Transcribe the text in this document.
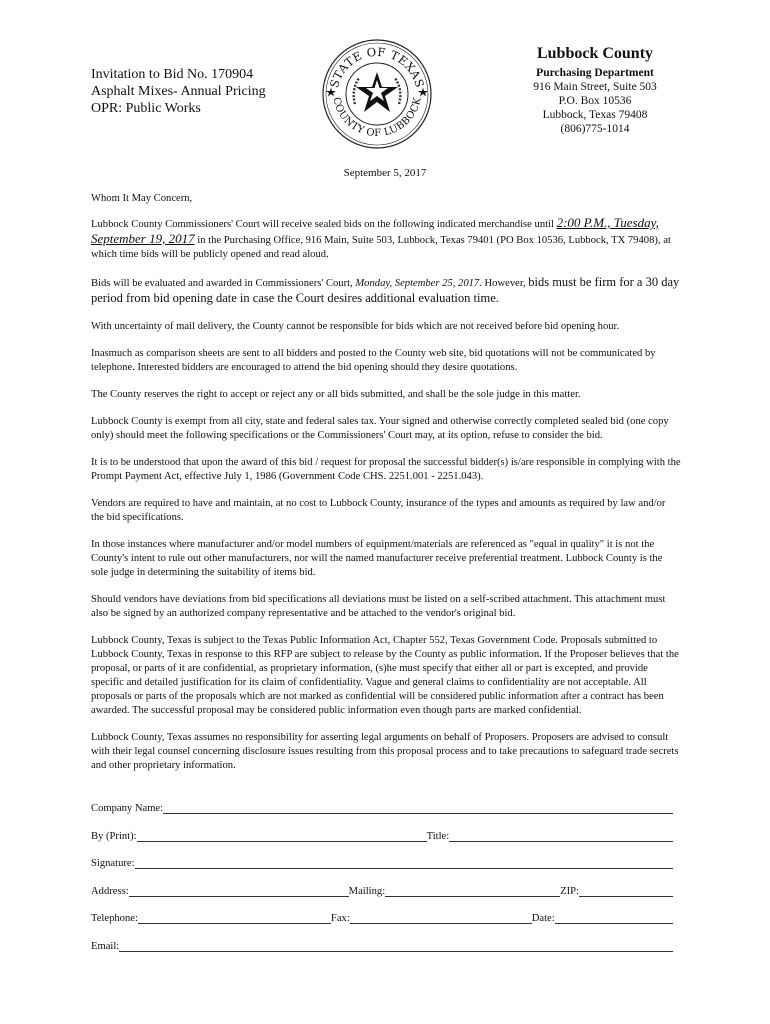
Invitation to Bid No. 170904
Asphalt Mixes- Annual Pricing
OPR: Public Works
STATE OF TEXAS
COUNTY OF LUBBOCK
Lubbock County
Purchasing Department
916 Main Street, Suite 503
P.O. Box 10536
Lubbock, Texas 79408
(806)775-1014
September 5, 2017

Whom It May Concern,

Lubbock County Commissioners' Court will receive sealed bids on the following indicated merchandise until 2:00 P.M., Tuesday, September 19, 2017 in the Purchasing Office, 916 Main, Suite 503, Lubbock, Texas 79401 (PO Box 10536, Lubbock, TX 79408), at which time bids will be publicly opened and read aloud.

Bids will be evaluated and awarded in Commissioners' Court, Monday, September 25, 2017. However, bids must be firm for a 30 day period from bid opening date in case the Court desires additional evaluation time.

With uncertainty of mail delivery, the County cannot be responsible for bids which are not received before bid opening hour.

Inasmuch as comparison sheets are sent to all bidders and posted to the County web site, bid quotations will not be communicated by telephone. Interested bidders are encouraged to attend the bid opening should they desire quotations.

The County reserves the right to accept or reject any or all bids submitted, and shall be the sole judge in this matter.

Lubbock County is exempt from all city, state and federal sales tax. Your signed and otherwise correctly completed sealed bid (one copy only) should meet the following specifications or the Commissioners' Court may, at its option, refuse to consider the bid.

It is to be understood that upon the award of this bid / request for proposal the successful bidder(s) is/are responsible in complying with the Prompt Payment Act, effective July 1, 1986 (Government Code CHS. 2251.001 - 2251.043).

Vendors are required to have and maintain, at no cost to Lubbock County, insurance of the types and amounts as required by law and/or the bid specifications.

In those instances where manufacturer and/or model numbers of equipment/materials are referenced as "equal in quality" it is not the County's intent to rule out other manufacturers, nor will the named manufacturer receive preferential treatment. Lubbock County is the sole judge in determining the suitability of items bid.

Should vendors have deviations from bid specifications all deviations must be listed on a self-scribed attachment. This attachment must also be signed by an authorized company representative and be attached to the vendor's original bid.

Lubbock County, Texas is subject to the Texas Public Information Act, Chapter 552, Texas Government Code. Proposals submitted to Lubbock County, Texas in response to this RFP are subject to release by the County as public information. If the Proposer believes that the proposal, or parts of it are confidential, as proprietary information, (s)he must specify that either all or part is excepted, and provide specific and detailed justification for its claim of confidentiality. Vague and general claims to confidentiality are not acceptable. All proposals or parts of the proposals which are not marked as confidential will be considered public information after a contract has been awarded. The successful proposal may be considered public information even though parts are marked confidential.

Lubbock County, Texas assumes no responsibility for asserting legal arguments on behalf of Proposers. Proposers are advised to consult with their legal counsel concerning disclosure issues resulting from this proposal process and to take precautions to safeguard trade secrets and other proprietary information.

Company Name:
By (Print):	Title:
Signature:
Address:	Mailing:	ZIP:
Telephone:	Fax:	Date:
Email:
